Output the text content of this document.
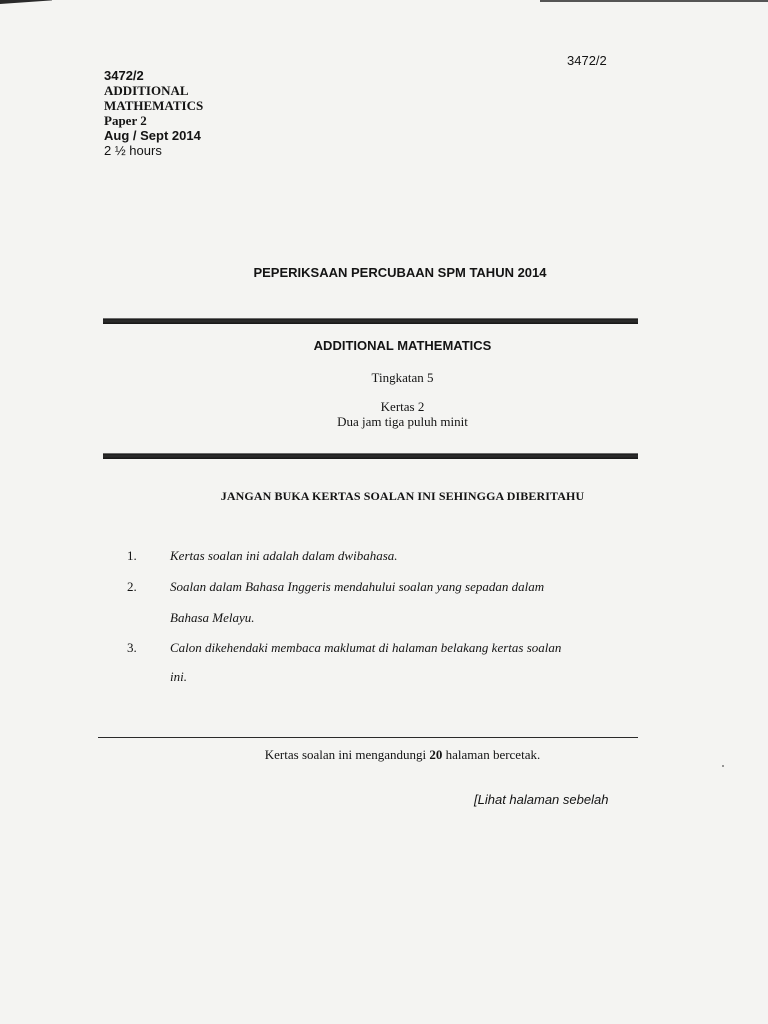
3472/2
3472/2
ADDITIONAL
MATHEMATICS
Paper 2
Aug / Sept 2014
2 ½ hours
PEPERIKSAAN PERCUBAAN SPM TAHUN 2014
ADDITIONAL MATHEMATICS
Tingkatan 5
Kertas 2
Dua jam tiga puluh minit
JANGAN BUKA KERTAS SOALAN INI SEHINGGA DIBERITAHU
1.	Kertas soalan ini adalah dalam dwibahasa.
2.	Soalan dalam Bahasa Inggeris mendahului soalan yang sepadan dalam
Bahasa Melayu.
3.	Calon dikehendaki membaca maklumat di halaman belakang kertas soalan
ini.
Kertas soalan ini mengandungi 20 halaman bercetak.
[Lihat halaman sebelah
